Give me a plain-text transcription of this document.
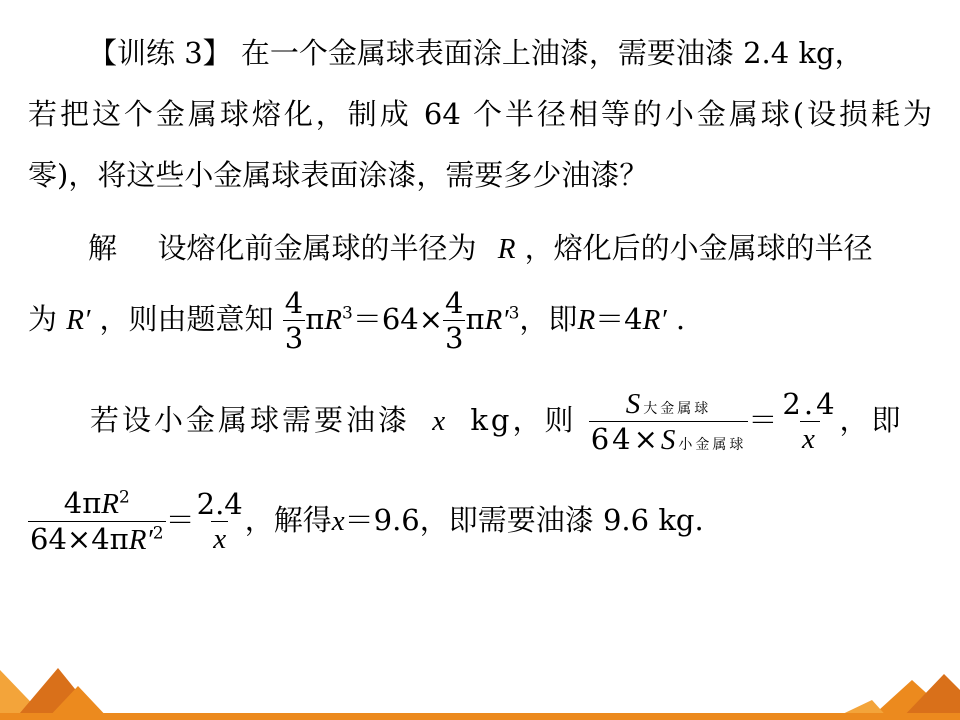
【训练 3】 在一个金属球表面涂上油漆，需要油漆 2.4 kg，
若把这个金属球熔化，制成 64 个半径相等的小金属球(设损耗为
零)，将这些小金属球表面涂漆，需要多少油漆？
解 设熔化前金属球的半径为 R ，熔化后的小金属球的半径
为 R′ ，则由题意知 $\frac{4}{3} \pi R^3=64\times \frac{4}{3} \pi R'^3$，即R＝4R′ .
若设小金属球需要油漆 x kg，则 $\frac{\text{S大金属球}}{\text{64×S小金属球}} = \frac{2.4}{x}$ ，即
$\frac{4\pi R^2}{64\times 4\pi R'^2} = \frac{2.4}{x}$ ，解得x＝9.6，即需要油漆 9.6 kg.
